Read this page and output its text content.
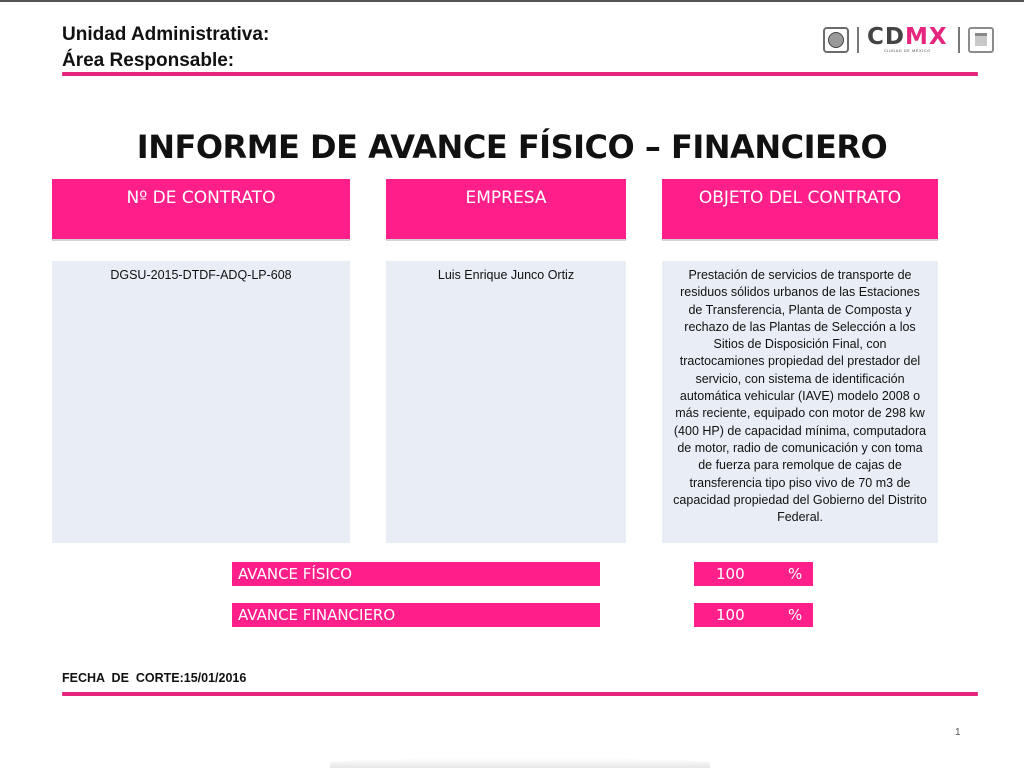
Unidad Administrativa:
Área Responsable:
CDMX
CIUDAD DE MÉXICO
INFORME DE AVANCE FÍSICO – FINANCIERO
Nº DE CONTRATO	EMPRESA	OBJETO DEL CONTRATO
DGSU-2015-DTDF-ADQ-LP-608	Luis Enrique Junco Ortiz	Prestación de servicios de transporte de residuos sólidos urbanos de las Estaciones de Transferencia, Planta de Composta y rechazo de las Plantas de Selección a los Sitios de Disposición Final, con tractocamiones propiedad del prestador del servicio, con sistema de identificación automática vehicular (IAVE) modelo 2008 o más reciente, equipado con motor de 298 kw (400 HP) de capacidad mínima, computadora de motor, radio de comunicación y con toma de fuerza para remolque de cajas de transferencia tipo piso vivo de 70 m3 de capacidad propiedad del Gobierno del Distrito Federal.
AVANCE FÍSICO	100	%
AVANCE FINANCIERO	100	%
FECHA  DE  CORTE:15/01/2016
1
